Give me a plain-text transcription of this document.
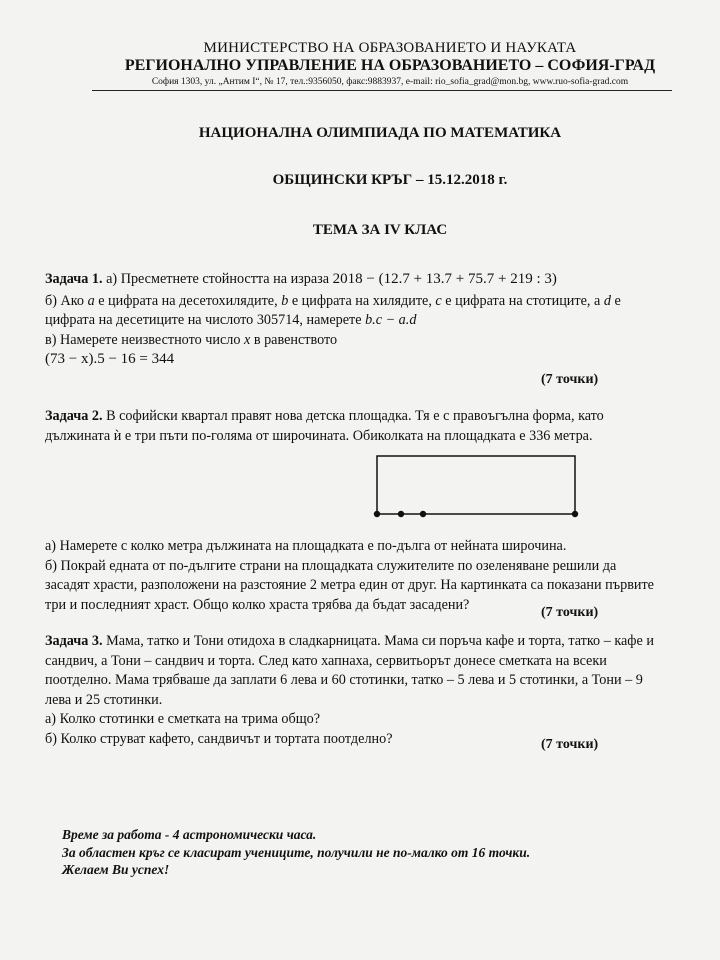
МИНИСТЕРСТВО НА ОБРАЗОВАНИЕТО И НАУКАТА
РЕГИОНАЛНО УПРАВЛЕНИЕ НА ОБРАЗОВАНИЕТО – СОФИЯ-ГРАД
София 1303, ул. „Антим I“, № 17, тел.:9356050, факс:9883937, e-mail: rio_sofia_grad@mon.bg, www.ruo-sofia-grad.com
НАЦИОНАЛНА ОЛИМПИАДА ПО МАТЕМАТИКА
ОБЩИНСКИ КРЪГ – 15.12.2018 г.
ТЕМА ЗА IV КЛАС
Задача 1. а) Пресметнете стойността на израза 2018 − (12.7 + 13.7 + 75.7 + 219 : 3)
б) Ако a е цифрата на десетохилядите, b е цифрата на хилядите, c е цифрата на стотиците, а d е
цифрата на десетиците на числото 305714, намерете b.c − a.d
в) Намерете неизвестното число x в равенството
(73 − x).5 − 16 = 344
(7 точки)
Задача 2. В софийски квартал правят нова детска площадка. Тя е с правоъгълна форма, като
дължината ѝ е три пъти по-голяма от широчината. Обиколката на площадката е 336 метра.
а) Намерете с колко метра дължината на площадката е по-дълга от нейната широчина.
б) Покрай едната от по-дългите страни на площадката служителите по озеленяване решили да
засадят храсти, разположени на разстояние 2 метра един от друг. На картинката са показани първите
три и последният храст. Общо колко храста трябва да бъдат засадени?	(7 точки)
Задача 3. Мама, татко и Тони отидоха в сладкарницата. Мама си поръча кафе и торта, татко – кафе и
сандвич, а Тони – сандвич и торта. След като хапнаха, сервитьорът донесе сметката на всеки
поотделно. Мама трябваше да заплати 6 лева и 60 стотинки, татко – 5 лева и 5 стотинки, а Тони – 9
лева и 25 стотинки.
а) Колко стотинки е сметката на трима общо?
б) Колко струват кафето, сандвичът и тортата поотделно?	(7 точки)
Време за работа - 4 астрономически часа.
За областен кръг се класират учениците, получили не по-малко от 16 точки.
Желаем Ви успех!
